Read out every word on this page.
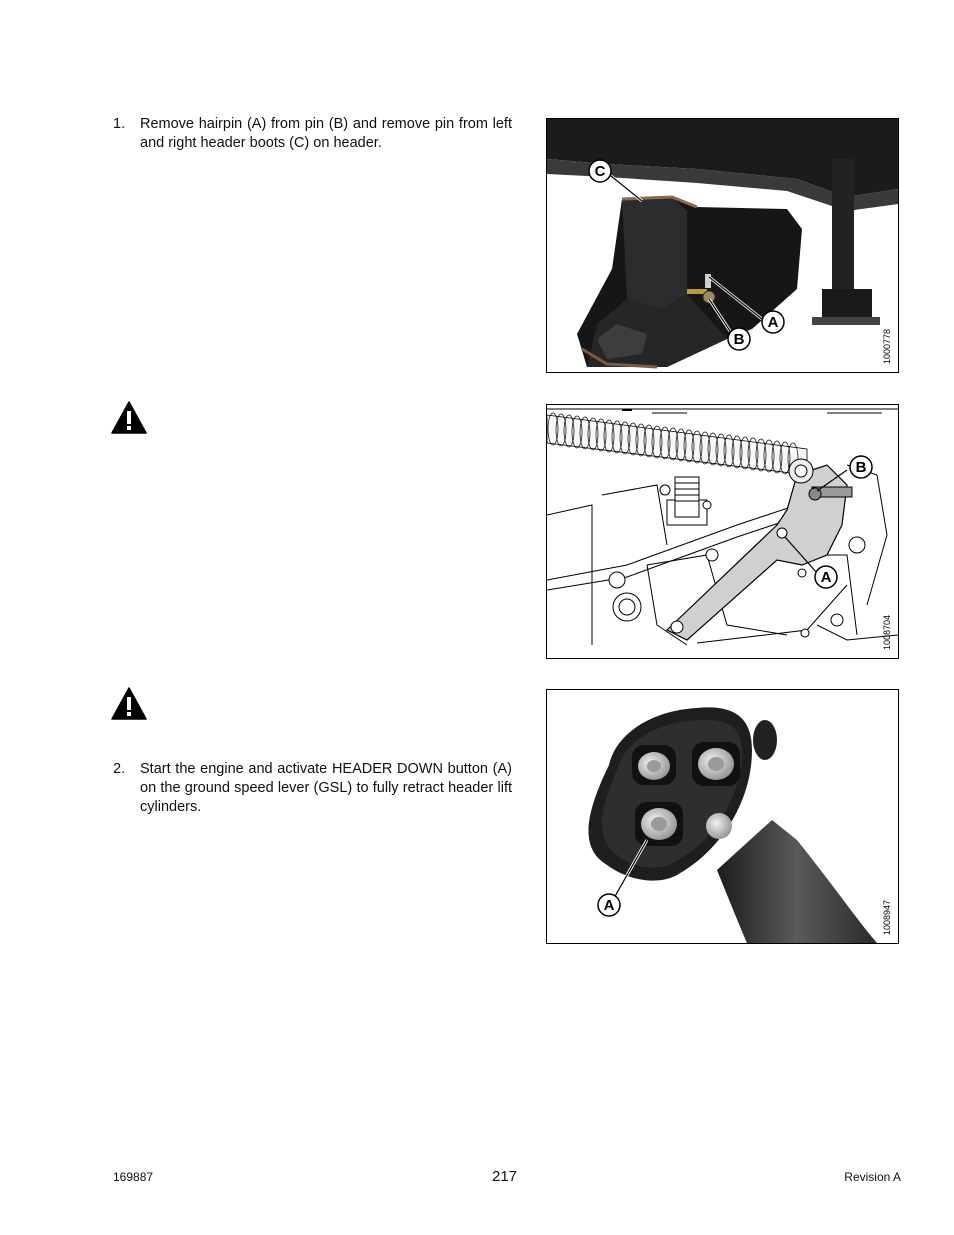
1. Remove hairpin (A) from pin (B) and remove pin from left and right header boots (C) on header.
C
A
B	1000778
B
A
1008704
2. Start the engine and activate HEADER DOWN button (A) on the ground speed lever (GSL) to fully retract header lift cylinders.
A	1008947
169887	217	Revision A
